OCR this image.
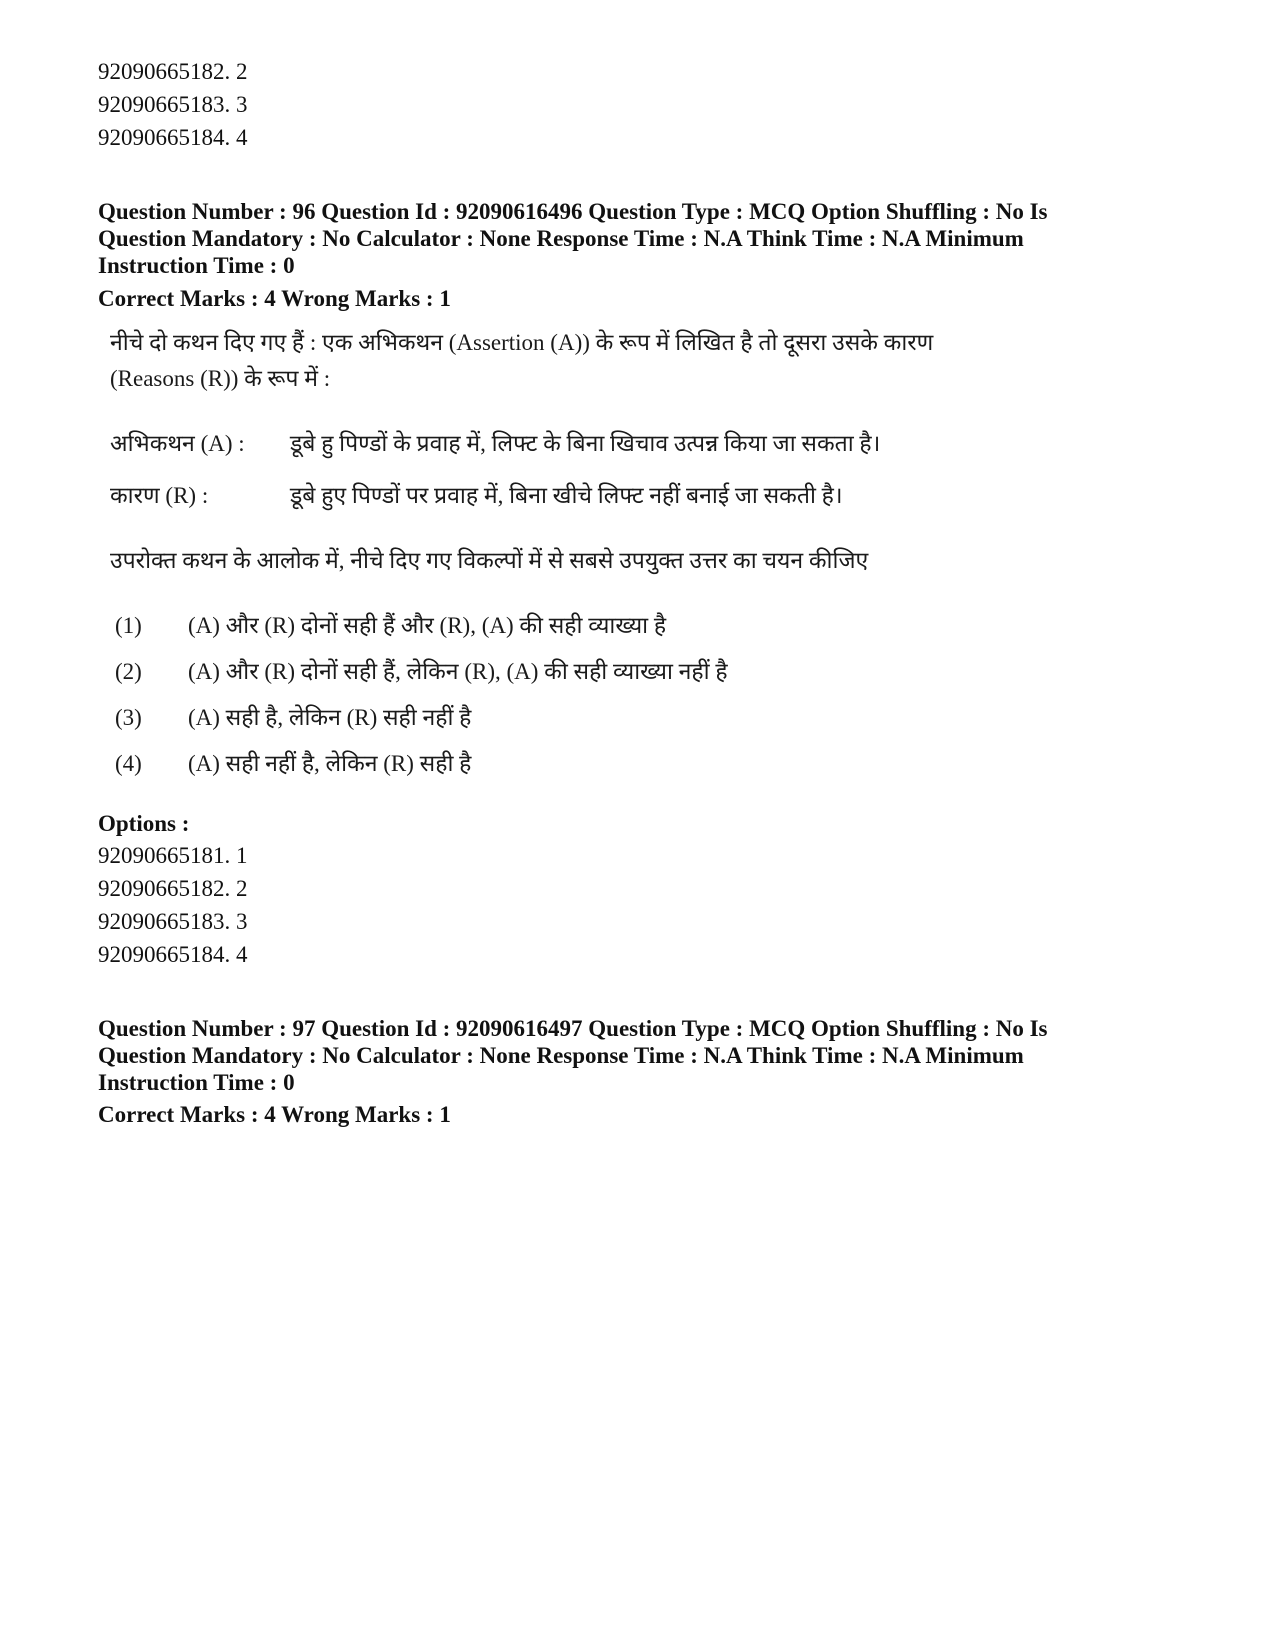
92090665182. 2
92090665183. 3
92090665184. 4
Question Number : 96 Question Id : 92090616496 Question Type : MCQ Option Shuffling : No Is
Question Mandatory : No Calculator : None Response Time : N.A Think Time : N.A Minimum
Instruction Time : 0
Correct Marks : 4 Wrong Marks : 1
नीचे दो कथन दिए गए हैं : एक अभिकथन (Assertion (A)) के रूप में लिखित है तो दूसरा उसके कारण
(Reasons (R)) के रूप में :
अभिकथन (A) : डूबे हु पिण्डों के प्रवाह में, लिफ्ट के बिना खिचाव उत्पन्न किया जा सकता है।
कारण (R) :	डूबे हुए पिण्डों पर प्रवाह में, बिना खीचे लिफ्ट नहीं बनाई जा सकती है।
उपरोक्त कथन के आलोक में, नीचे दिए गए विकल्पों में से सबसे उपयुक्त उत्तर का चयन कीजिए
(1) (A) और (R) दोनों सही हैं और (R), (A) की सही व्याख्या है
(2) (A) और (R) दोनों सही हैं, लेकिन (R), (A) की सही व्याख्या नहीं है
(3) (A) सही है, लेकिन (R) सही नहीं है
(4) (A) सही नहीं है, लेकिन (R) सही है
Options :
92090665181. 1
92090665182. 2
92090665183. 3
92090665184. 4
Question Number : 97 Question Id : 92090616497 Question Type : MCQ Option Shuffling : No Is
Question Mandatory : No Calculator : None Response Time : N.A Think Time : N.A Minimum
Instruction Time : 0
Correct Marks : 4 Wrong Marks : 1
